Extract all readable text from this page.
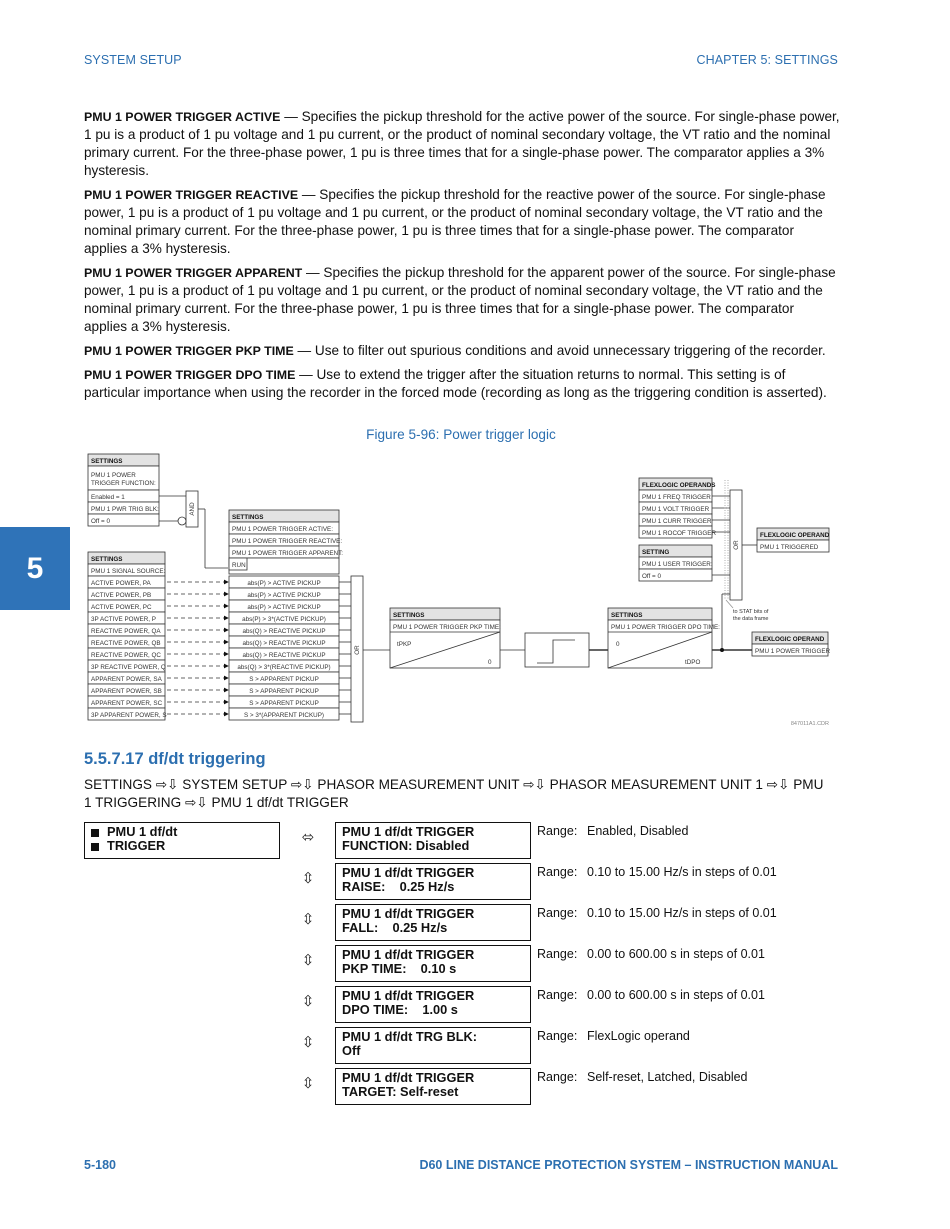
SYSTEM SETUP	CHAPTER 5: SETTINGS
5

PMU 1 POWER TRIGGER ACTIVE — Specifies the pickup threshold for the active power of the source. For single-phase power, 1 pu is a product of 1 pu voltage and 1 pu current, or the product of nominal secondary voltage, the VT ratio and the nominal primary current. For the three-phase power, 1 pu is three times that for a single-phase power. The comparator applies a 3% hysteresis.

PMU 1 POWER TRIGGER REACTIVE — Specifies the pickup threshold for the reactive power of the source. For single-phase power, 1 pu is a product of 1 pu voltage and 1 pu current, or the product of nominal secondary voltage, the VT ratio and the nominal primary current. For the three-phase power, 1 pu is three times that for a single-phase power. The comparator applies a 3% hysteresis.

PMU 1 POWER TRIGGER APPARENT — Specifies the pickup threshold for the apparent power of the source. For single-phase power, 1 pu is a product of 1 pu voltage and 1 pu current, or the product of nominal secondary voltage, the VT ratio and the nominal primary current. For the three-phase power, 1 pu is three times that for a single-phase power. The comparator applies a 3% hysteresis.

PMU 1 POWER TRIGGER PKP TIME — Use to filter out spurious conditions and avoid unnecessary triggering of the recorder.

PMU 1 POWER TRIGGER DPO TIME — Use to extend the trigger after the situation returns to normal. This setting is of particular importance when using the recorder in the forced mode (recording as long as the triggering condition is asserted).

Figure 5-96: Power trigger logic
SETTINGS
PMU 1 POWER
TRIGGER FUNCTION:
Enabled = 1
PMU 1 PWR TRIG BLK:
Off = 0
AND
SETTINGS
PMU 1 POWER TRIGGER ACTIVE:
PMU 1 POWER TRIGGER REACTIVE:
PMU 1 POWER TRIGGER APPARENT:
RUN
SETTINGS
PMU 1 SIGNAL SOURCE:
ACTIVE POWER, PA
ACTIVE POWER, PB
ACTIVE POWER, PC
3P ACTIVE POWER, P
REACTIVE POWER, QA
REACTIVE POWER, QB
REACTIVE POWER, QC
3P REACTIVE POWER, Q
APPARENT POWER, SA
APPARENT POWER, SB
APPARENT POWER, SC
3P APPARENT POWER, S
abs(P) > ACTIVE PICKUP
abs(P) > ACTIVE PICKUP
abs(P) > ACTIVE PICKUP
abs(P) > 3*(ACTIVE PICKUP)
abs(Q) > REACTIVE PICKUP
abs(Q) > REACTIVE PICKUP
abs(Q) > REACTIVE PICKUP
abs(Q) > 3*(REACTIVE PICKUP)
S > APPARENT PICKUP
S > APPARENT PICKUP
S > APPARENT PICKUP
S > 3*(APPARENT PICKUP)
OR
SETTINGS
PMU 1 POWER TRIGGER PKP TIME:
tPKP
0
SETTINGS
PMU 1 POWER TRIGGER DPO TIME:
0
tDPO
FLEXLOGIC OPERANDS
PMU 1 FREQ TRIGGER
PMU 1 VOLT TRIGGER
PMU 1 CURR TRIGGER
PMU 1 ROCOF TRIGGER
SETTING
PMU 1 USER TRIGGER:
Off = 0
OR
FLEXLOGIC OPERAND
PMU 1 TRIGGERED
FLEXLOGIC OPERAND
PMU 1 POWER TRIGGER
to STAT bits of
the data frame
847011A1.CDR
5.5.7.17 df/dt triggering
SETTINGS ⇨⇩ SYSTEM SETUP ⇨⇩ PHASOR MEASUREMENT UNIT ⇨⇩ PHASOR MEASUREMENT UNIT 1 ⇨⇩ PMU 1 TRIGGERING ⇨⇩ PMU 1 df/dt TRIGGER
PMU 1 df/dt
TRIGGER	⬄ PMU 1 df/dt TRIGGER
FUNCTION: Disabled
Range: Enabled, Disabled
⇳ PMU 1 df/dt TRIGGER
RAISE:    0.25 Hz/s
Range: 0.10 to 15.00 Hz/s in steps of 0.01
⇳ PMU 1 df/dt TRIGGER
FALL:    0.25 Hz/s
Range: 0.10 to 15.00 Hz/s in steps of 0.01
⇳ PMU 1 df/dt TRIGGER
PKP TIME:    0.10 s
Range: 0.00 to 600.00 s in steps of 0.01
⇳ PMU 1 df/dt TRIGGER
DPO TIME:    1.00 s
Range: 0.00 to 600.00 s in steps of 0.01
⇳ PMU 1 df/dt TRG BLK:
Off
Range: FlexLogic operand
⇳ PMU 1 df/dt TRIGGER
TARGET: Self-reset
Range: Self-reset, Latched, Disabled
5-180	D60 LINE DISTANCE PROTECTION SYSTEM – INSTRUCTION MANUAL
